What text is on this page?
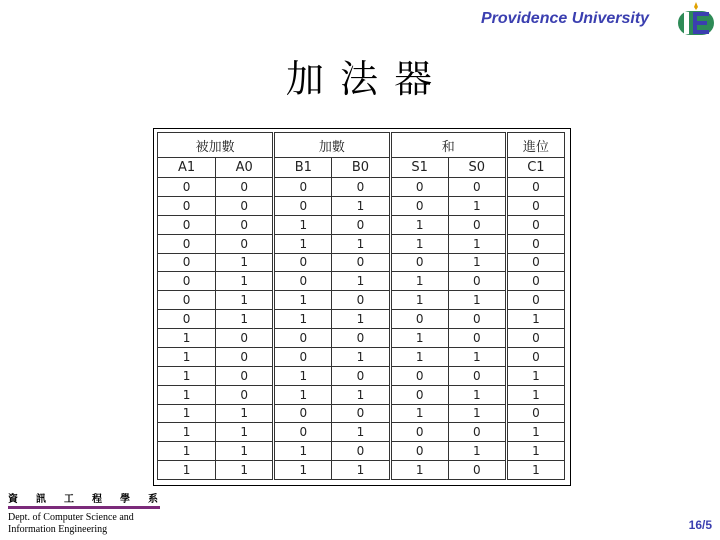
Providence University
加 法 器
被加數		加數		和		進位
A1	A0	B1	B0	S1	S0	C1
0	0	0	0	0	0	0
0	0	0	1	0	1	0
0	0	1	0	1	0	0
0	0	1	1	1	1	0
0	1	0	0	0	1	0
0	1	0	1	1	0	0
0	1	1	0	1	1	0
0	1	1	1	0	0	1
1	0	0	0	1	0	0
1	0	0	1	1	1	0
1	0	1	0	0	0	1
1	0	1	1	0	1	1
1	1	0	0	1	1	0
1	1	0	1	0	0	1
1	1	1	0	0	1	1
1	1	1	1	1	0	1
資 訊 工 程 學 系
Dept. of Computer Science and
Information Engineering	16/5
